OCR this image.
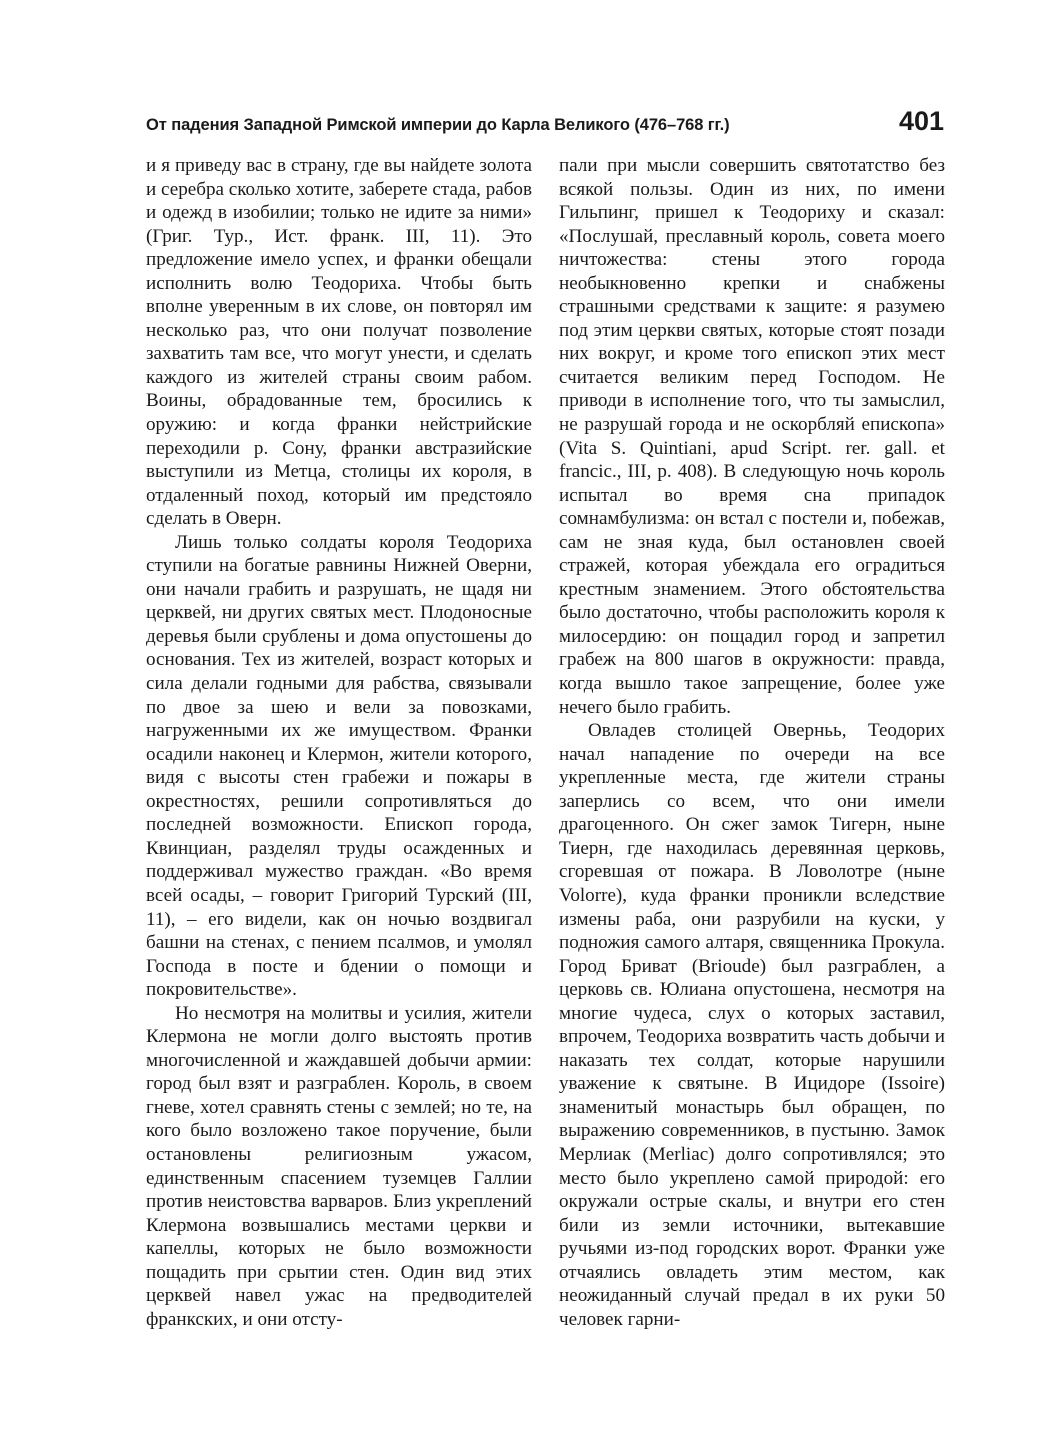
От падения Западной Римской империи до Карла Великого (476–768 гг.)	401

и я приведу вас в страну, где вы найдете золота и серебра сколько хотите, заберете стада, рабов и одежд в изобилии; только не идите за ними» (Григ. Тур., Ист. франк. III, 11). Это предложение имело успех, и франки обещали исполнить волю Теодориха. Чтобы быть вполне уверенным в их слове, он повторял им несколько раз, что они получат позволение захватить там все, что могут унести, и сделать каждого из жителей страны своим рабом. Воины, обрадованные тем, бросились к оружию: и когда франки нейстрийские переходили р. Сону, франки австразийские выступили из Метца, столицы их короля, в отдаленный поход, который им предстояло сделать в Оверн.

Лишь только солдаты короля Теодориха ступили на богатые равнины Нижней Оверни, они начали грабить и разрушать, не щадя ни церквей, ни других святых мест. Плодоносные деревья были срублены и дома опустошены до основания. Тех из жителей, возраст которых и сила делали годными для рабства, связывали по двое за шею и вели за повозками, нагруженными их же имуществом. Франки осадили наконец и Клермон, жители которого, видя с высоты стен грабежи и пожары в окрестностях, решили сопротивляться до последней возможности. Епископ города, Квинциан, разделял труды осажденных и поддерживал мужество граждан. «Во время всей осады, – говорит Григорий Турский (III, 11), – его видели, как он ночью воздвигал башни на стенах, с пением псалмов, и умолял Господа в посте и бдении о помощи и покровительстве».

Но несмотря на молитвы и усилия, жители Клермона не могли долго выстоять против многочисленной и жаждавшей добычи армии: город был взят и разграблен. Король, в своем гневе, хотел сравнять стены с землей; но те, на кого было возложено такое поручение, были остановлены религиозным ужасом, единственным спасением туземцев Галлии против неистовства варваров. Близ укреплений Клермона возвышались местами церкви и капеллы, которых не было возможности пощадить при срытии стен. Один вид этих церквей навел ужас на предводителей франкских, и они отсту-

пали при мысли совершить святотатство без всякой пользы. Один из них, по имени Гильпинг, пришел к Теодориху и сказал: «Послушай, преславный король, совета моего ничтожества: стены этого города необыкновенно крепки и снабжены страшными средствами к защите: я разумею под этим церкви святых, которые стоят позади них вокруг, и кроме того епископ этих мест считается великим перед Господом. Не приводи в исполнение того, что ты замыслил, не разрушай города и не оскорбляй епископа» (Vita S. Quintiani, apud Script. rer. gall. et francic., III, p. 408). В следующую ночь король испытал во время сна припадок сомнамбулизма: он встал с постели и, побежав, сам не зная куда, был остановлен своей стражей, которая убеждала его оградиться крестным знамением. Этого обстоятельства было достаточно, чтобы расположить короля к милосердию: он пощадил город и запретил грабеж на 800 шагов в окружности: правда, когда вышло такое запрещение, более уже нечего было грабить.

Овладев столицей Оверньь, Теодорих начал нападение по очереди на все укрепленные места, где жители страны заперлись со всем, что они имели драгоценного. Он сжег замок Тигерн, ныне Тиерн, где находилась деревянная церковь, сгоревшая от пожара. В Ловолотре (ныне Volorre), куда франки проникли вследствие измены раба, они разрубили на куски, у подножия самого алтаря, священника Прокула. Город Бриват (Brioude) был разграблен, а церковь св. Юлиана опустошена, несмотря на многие чудеса, слух о которых заставил, впрочем, Теодориха возвратить часть добычи и наказать тех солдат, которые нарушили уважение к святыне. В Ицидоре (Issoire) знаменитый монастырь был обращен, по выражению современников, в пустыню. Замок Мерлиак (Merliac) долго сопротивлялся; это место было укреплено самой природой: его окружали острые скалы, и внутри его стен били из земли источники, вытекавшие ручьями из-под городских ворот. Франки уже отчаялись овладеть этим местом, как неожиданный случай предал в их руки 50 человек гарни-
